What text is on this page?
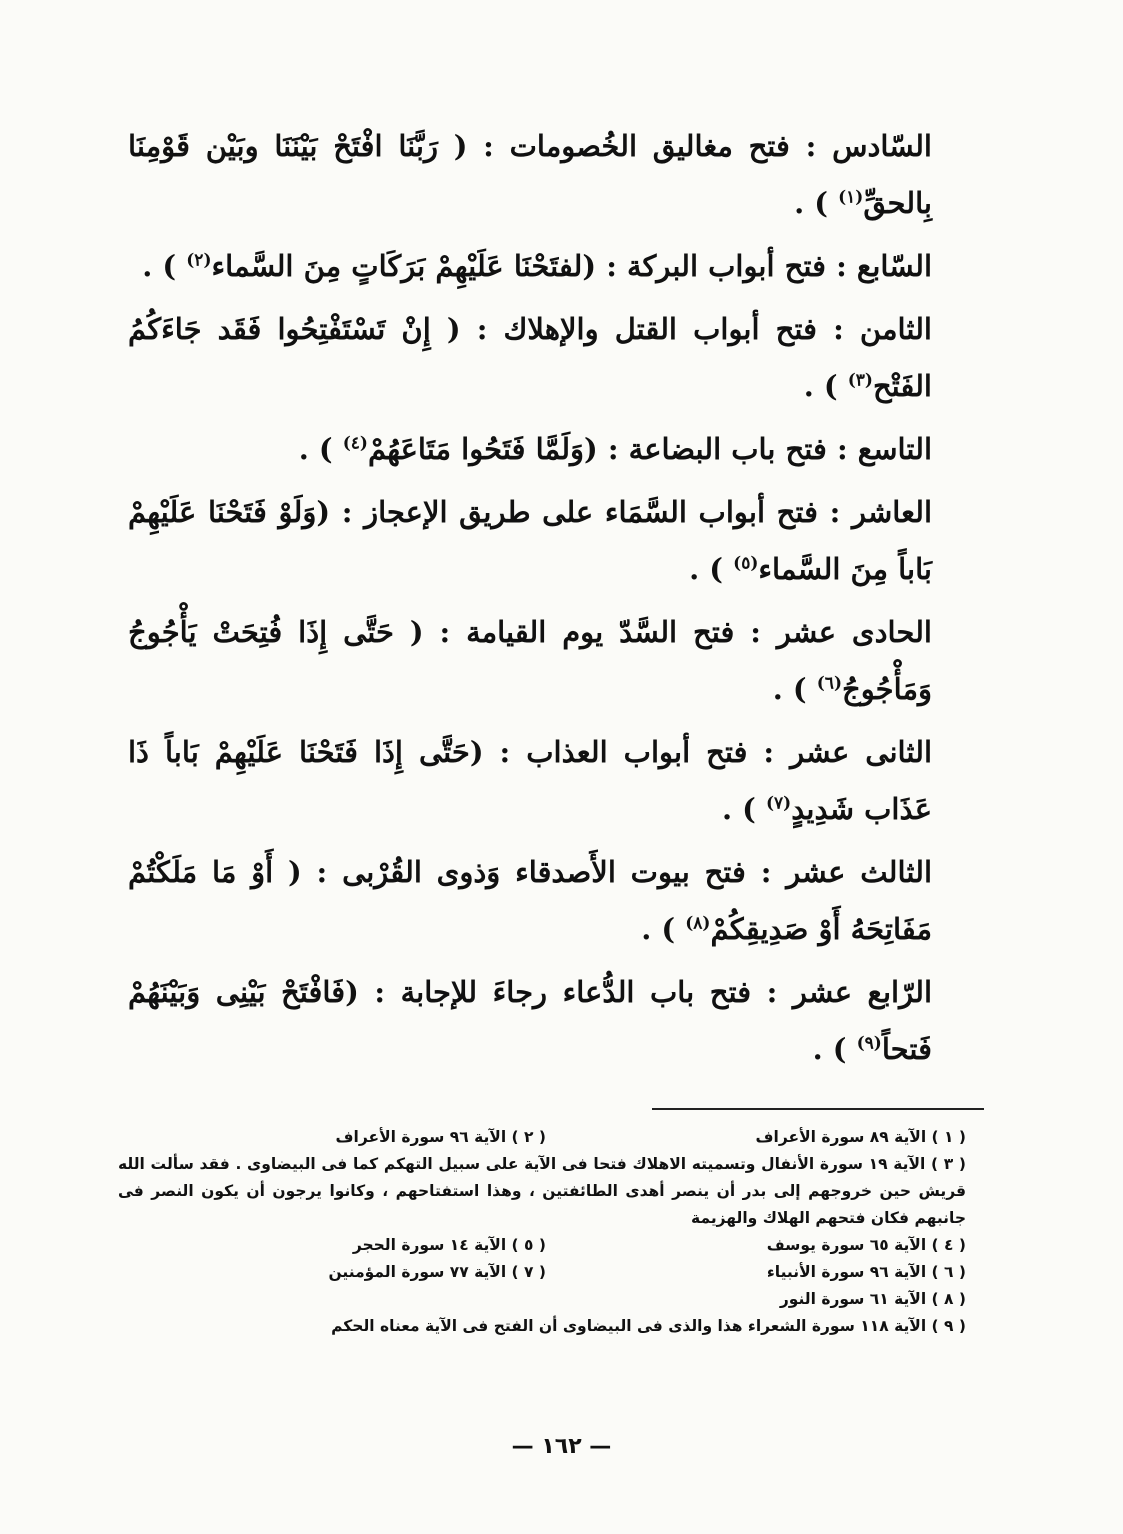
السّادس : فتح مغاليق الخُصومات : ( رَبَّنَا افْتَحْ بَيْنَنَا وبَيْن قَوْمِنَا بِالحقِّ$^{(١)}$ ) .

السّابع : فتح أبواب البركة : (لفتَحْنَا عَلَيْهِمْ بَرَكَاتٍ مِنَ السَّماء$^{(٢)}$ ) .

الثامن : فتح أبواب القتل والإهلاك : ( إِنْ تَسْتَفْتِحُوا فَقَد جَاءَكُمُ الفَتْح$^{(٣)}$ ) .

التاسع : فتح باب البضاعة : (وَلَمَّا فَتَحُوا مَتَاعَهُمْ$^{(٤)}$ ) .

العاشر : فتح أبواب السَّمَاء على طريق الإعجاز : (وَلَوْ فَتَحْنَا عَلَيْهِمْ بَاباً مِنَ السَّماء$^{(٥)}$ ) .

الحادى عشر : فتح السَّدّ يوم القيامة : ( حَتَّى إِذَا فُتِحَتْ يَأْجُوجُ وَمَأْجُوجُ$^{(٦)}$ ) .

الثانى عشر : فتح أبواب العذاب : (حَتَّى إِذَا فَتَحْنَا عَلَيْهِمْ بَاباً ذَا عَذَاب شَدِيدٍ$^{(٧)}$ ) .

الثالث عشر : فتح بيوت الأَصدقاء وَذوى القُرْبى : ( أَوْ مَا مَلَكْتُمْ مَفَاتِحَهُ أَوْ صَدِيقِكُمْ$^{(٨)}$ ) .

الرّابع عشر : فتح باب الدُّعاء رجاءَ للإجابة : (فَافْتَحْ بَيْنِى وَبَيْنَهُمْ فَتحاً$^{(٩)}$ ) .

( ١ ) الآية ٨٩ سورة الأعراف
( ٢ ) الآية ٩٦ سورة الأعراف
( ٣ ) الآية ١٩ سورة الأنفال وتسميته الاهلاك فتحا فى الآية على سبيل التهكم كما فى البيضاوى . فقد سألت الله قريش حين خروجهم إلى بدر أن ينصر أهدى الطائفتين ، وهذا استفتاحهم ، وكانوا يرجون أن يكون النصر فى جانبهم فكان فتحهم الهلاك والهزيمة
( ٤ ) الآية ٦٥ سورة يوسف
( ٥ ) الآية ١٤ سورة الحجر
( ٦ ) الآية ٩٦ سورة الأنبياء
( ٧ ) الآية ٧٧ سورة المؤمنين
( ٨ ) الآية ٦١ سورة النور
( ٩ ) الآية ١١٨ سورة الشعراء هذا والذى فى البيضاوى أن الفتح فى الآية معناه الحكم
— ١٦٢ —
